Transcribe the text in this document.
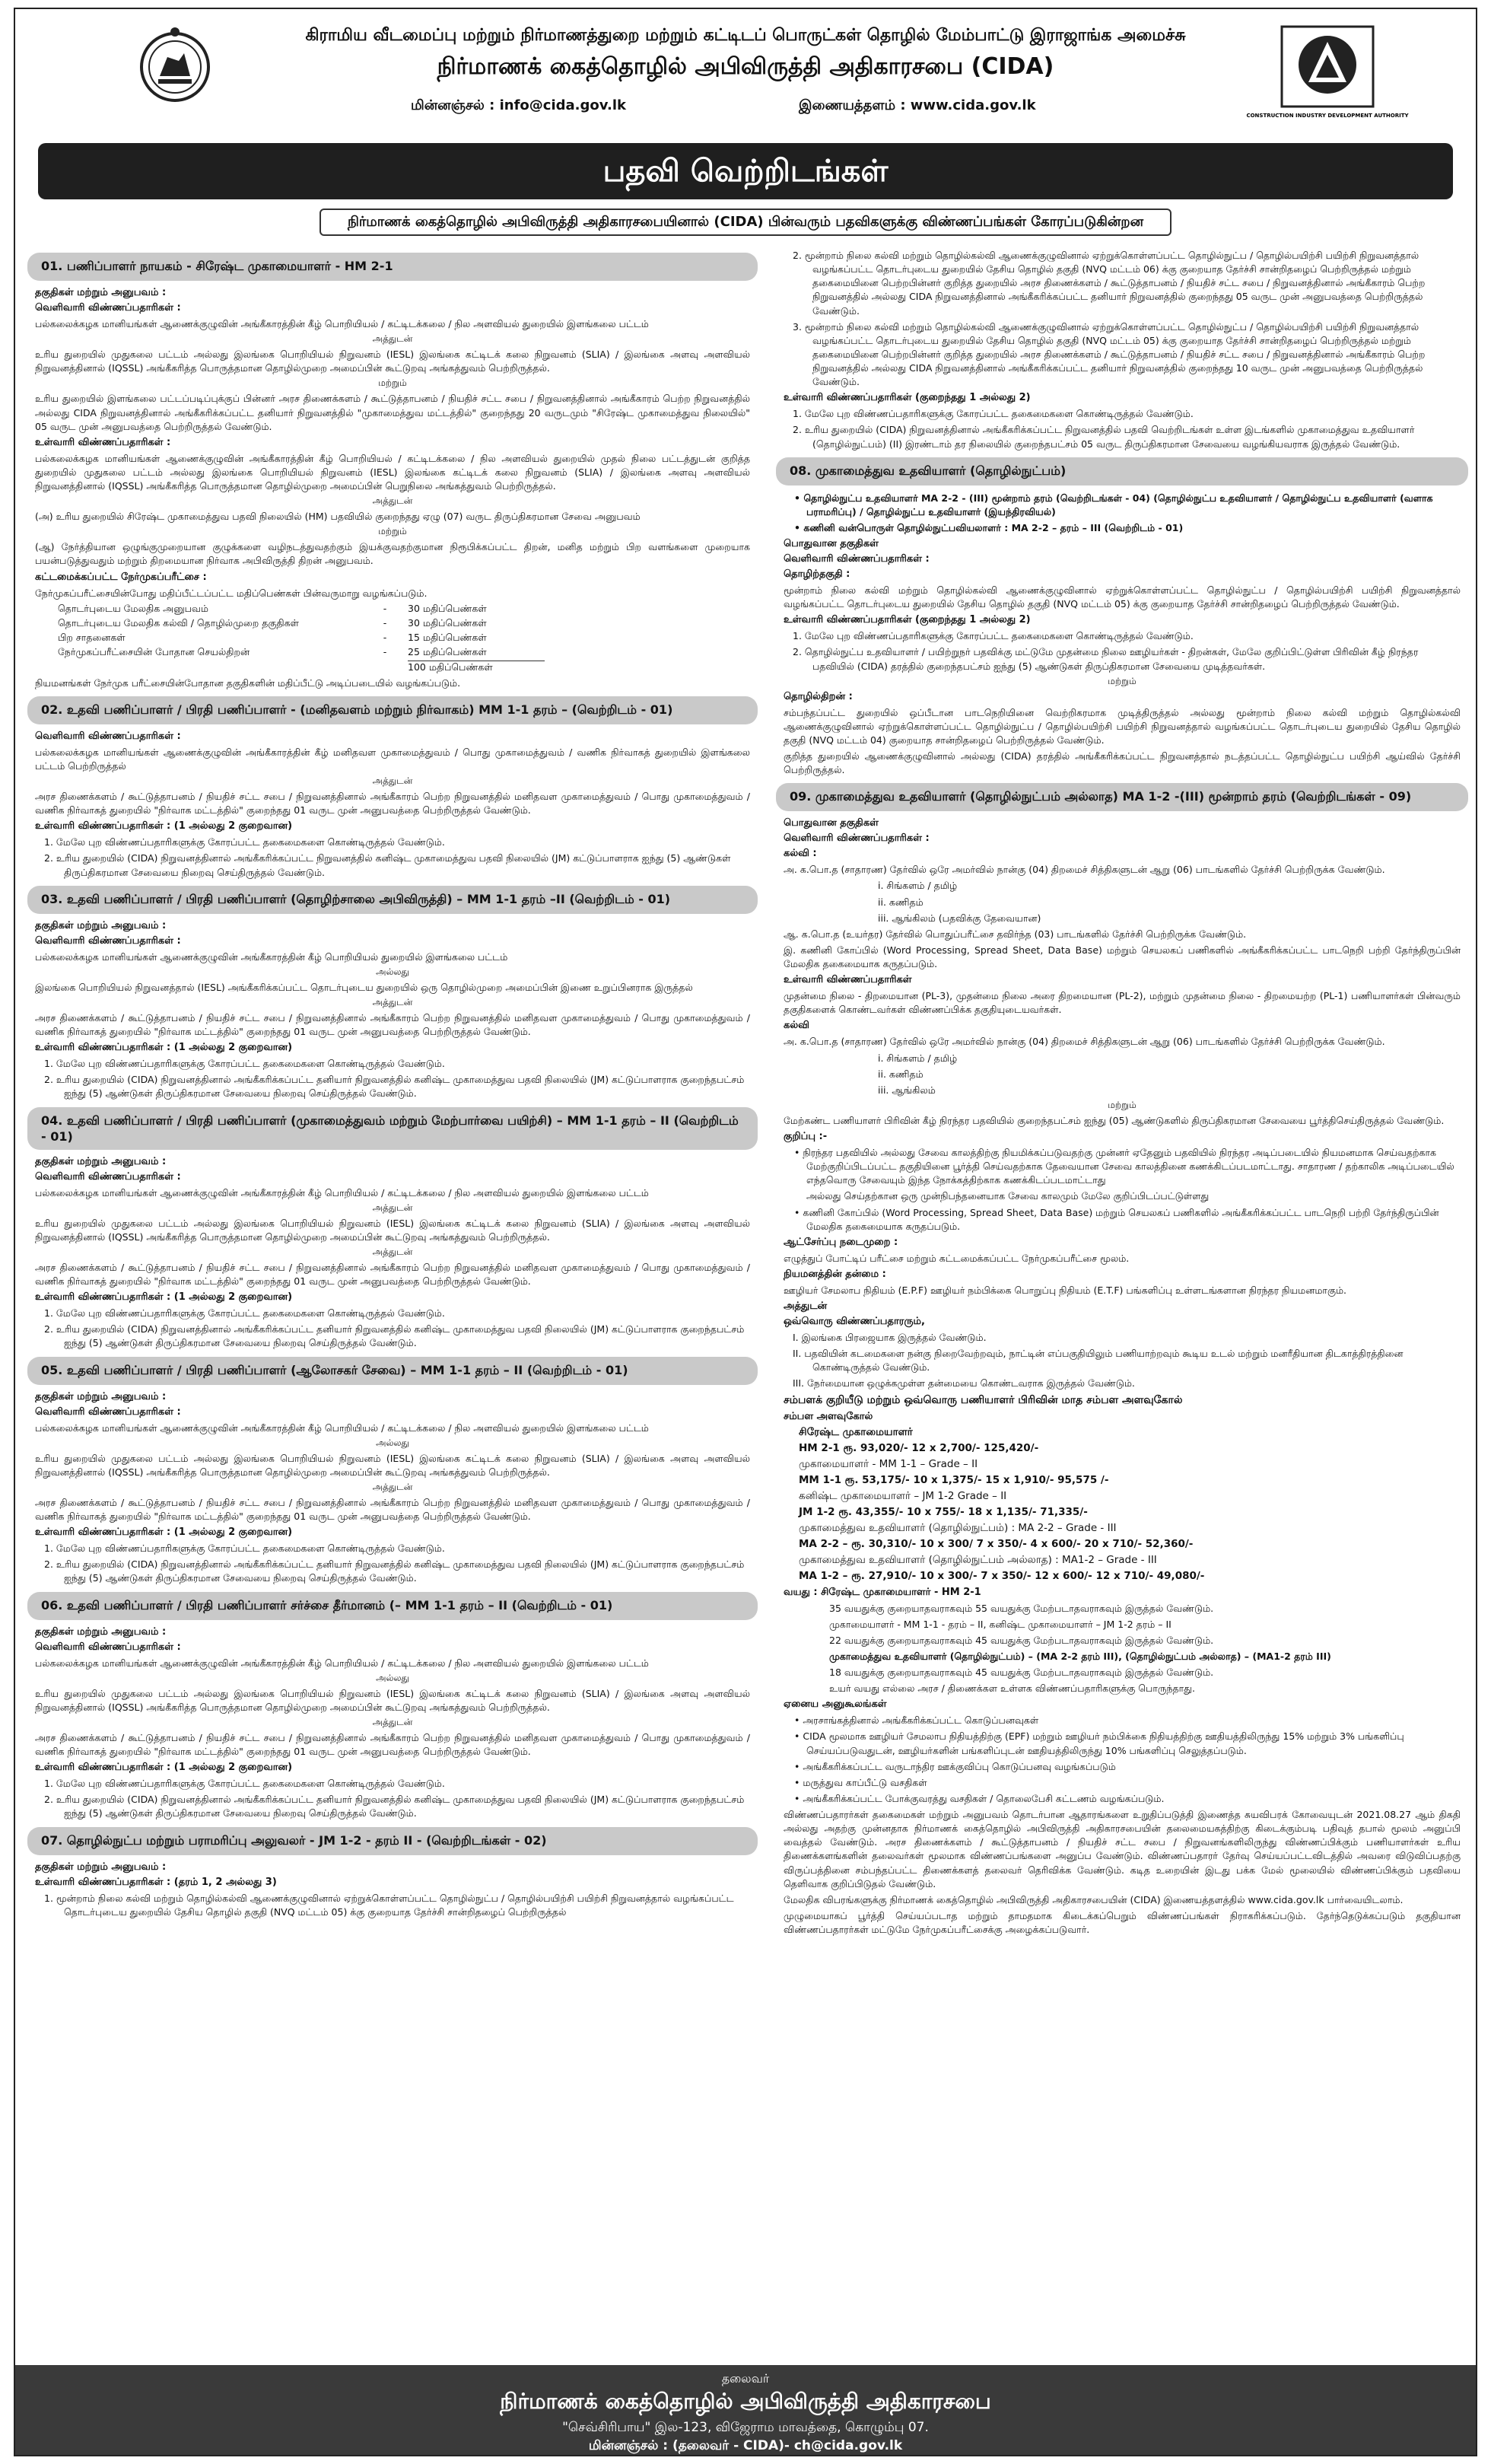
கிராமிய வீடமைப்பு மற்றும் நிர்மாணத்துறை மற்றும் கட்டிடப் பொருட்கள் தொழில் மேம்பாட்டு இராஜாங்க அமைச்சு
நிர்மாணக் கைத்தொழில் அபிவிருத்தி அதிகாரசபை (CIDA)
மின்னஞ்சல் : info@cida.gov.lk	இணையத்தளம் : www.cida.gov.lk
CONSTRUCTION INDUSTRY DEVELOPMENT AUTHORITY
பதவி வெற்றிடங்கள்
நிர்மாணக் கைத்தொழில் அபிவிருத்தி அதிகாரசபையினால் (CIDA) பின்வரும் பதவிகளுக்கு விண்ணப்பங்கள் கோரப்படுகின்றன
01. பணிப்பாளர் நாயகம் - சிரேஷ்ட முகாமையாளர் - HM 2-1
தகுதிகள் மற்றும் அனுபவம் :
வெளிவாரி விண்ணப்பதாரிகள் :
பல்கலைக்கழக மானியங்கள் ஆணைக்குழுவின் அங்கீகாரத்தின் கீழ் பொறியியல் / கட்டிடக்கலை / நில அளவியல் துறையில் இளங்கலை பட்டம்
அத்துடன்
உரிய துறையில் முதுகலை பட்டம் அல்லது இலங்கை பொறியியல் நிறுவனம் (IESL) இலங்கை கட்டிடக் கலை நிறுவனம் (SLIA) / இலங்கை அளவு அளவியல் நிறுவனத்தினால் (IQSSL) அங்கீகரித்த பொருத்தமான தொழில்முறை அமைப்பின் கூட்டுறவு அங்கத்துவம் பெற்றிருத்தல்.
மற்றும்
உரிய துறையில் இளங்கலை பட்டப்படிப்புக்குப் பின்னர் அரச திணைக்களம் / கூட்டுத்தாபனம் / நியதிச் சட்ட சபை / நிறுவனத்தினால் அங்கீகாரம் பெற்ற நிறுவனத்தில் அல்லது CIDA நிறுவனத்தினால் அங்கீகரிக்கப்பட்ட தனியார் நிறுவனத்தில் "முகாமைத்துவ மட்டத்தில்" குறைந்தது 20 வருடமும் "சிரேஷ்ட முகாமைத்துவ நிலையில்" 05 வருட முன் அனுபவத்தை பெற்றிருத்தல் வேண்டும்.
உள்வாரி விண்ணப்பதாரிகள் :
பல்கலைக்கழக மானியங்கள் ஆணைக்குழுவின் அங்கீகாரத்தின் கீழ் பொறியியல் / கட்டிடக்கலை / நில அளவியல் துறையில் முதல் நிலை பட்டத்துடன் குறித்த துறையில் முதுகலை பட்டம் அல்லது இலங்கை பொறியியல் நிறுவனம் (IESL) இலங்கை கட்டிடக் கலை நிறுவனம் (SLIA) / இலங்கை அளவு அளவியல் நிறுவனத்தினால் (IQSSL) அங்கீகரித்த பொருத்தமான தொழில்முறை அமைப்பின் பெறுநிலை அங்கத்துவம் பெற்றிருத்தல்.
அத்துடன்
(அ) உரிய துறையில் சிரேஷ்ட முகாமைத்துவ பதவி நிலையில் (HM) பதவியில் குறைந்தது ஏழு (07) வருட திருப்திகரமான சேவை அனுபவம்
மற்றும்
(ஆ) நேர்த்தியான ஒழுங்குமுறையான குழுக்களை வழிநடத்துவதற்கும் இயக்குவதற்குமான நிரூபிக்கப்பட்ட திறன், மனித மற்றும் பிற வளங்களை முறையாக பயன்படுத்துவதும் மற்றும் திறமையான நிர்வாக அபிவிருத்தி திறன் அனுபவம்.
கட்டமைக்கப்பட்ட நேர்முகப்பரீட்சை :
நேர்முகப்பரீட்சையின்போது மதிப்பீட்டப்பட்ட மதிப்பெண்கள் பின்வருமாறு வழங்கப்படும்.
தொடர்புடைய மேலதிக அனுபவம்	-	30 மதிப்பெண்கள்
தொடர்புடைய மேலதிக கல்வி / தொழில்முறை தகுதிகள்	-	30 மதிப்பெண்கள்
பிற சாதனைகள்	-	15 மதிப்பெண்கள்
நேர்முகப்பரீட்சையின் போதான செயல்திறன்	-	25 மதிப்பெண்கள்
100 மதிப்பெண்கள்
நியமனங்கள் நேர்முக பரீட்சையின்போதான தகுதிகளின் மதிப்பீட்டு அடிப்படையில் வழங்கப்படும்.
02. உதவி பணிப்பாளர் / பிரதி பணிப்பாளர் - (மனிதவளம் மற்றும் நிர்வாகம்) MM 1-1 தரம் – (வெற்றிடம் - 01)
வெளிவாரி விண்ணப்பதாரிகள் :
பல்கலைக்கழக மானியங்கள் ஆணைக்குழுவின் அங்கீகாரத்தின் கீழ் மனிதவள முகாமைத்துவம் / பொது முகாமைத்துவம் / வணிக நிர்வாகத் துறையில் இளங்கலை பட்டம் பெற்றிருத்தல்
அத்துடன்
அரச திணைக்களம் / கூட்டுத்தாபனம் / நியதிச் சட்ட சபை / நிறுவனத்தினால் அங்கீகாரம் பெற்ற நிறுவனத்தில் மனிதவள முகாமைத்துவம் / பொது முகாமைத்துவம் / வணிக நிர்வாகத் துறையில் "நிர்வாக மட்டத்தில்" குறைந்தது 01 வருட முன் அனுபவத்தை பெற்றிருத்தல் வேண்டும்.
உள்வாரி விண்ணப்பதாரிகள் : (1 அல்லது 2 குறைவான)
1. மேலே புற விண்ணப்பதாரிகளுக்கு கோரப்பட்ட தகைமைகளை கொண்டிருத்தல் வேண்டும்.
2. உரிய துறையில் (CIDA) நிறுவனத்தினால் அங்கீகரிக்கப்பட்ட நிறுவனத்தில் கனிஷ்ட முகாமைத்துவ பதவி நிலையில் (JM) கட்டுப்பாளராக ஐந்து (5) ஆண்டுகள் திருப்திகரமான சேவையை நிறைவு செய்திருத்தல் வேண்டும்.
03. உதவி பணிப்பாளர் / பிரதி பணிப்பாளர் (தொழிற்சாலை அபிவிருத்தி) – MM 1-1 தரம் –II (வெற்றிடம் - 01)
தகுதிகள் மற்றும் அனுபவம் :
வெளிவாரி விண்ணப்பதாரிகள் :
பல்கலைக்கழக மானியங்கள் ஆணைக்குழுவின் அங்கீகாரத்தின் கீழ் பொறியியல் துறையில் இளங்கலை பட்டம்
அல்லது
இலங்கை பொறியியல் நிறுவனத்தால் (IESL) அங்கீகரிக்கப்பட்ட தொடர்புடைய துறையில் ஒரு தொழில்முறை அமைப்பின் இணை உறுப்பினராக இருத்தல்
அத்துடன்
அரச திணைக்களம் / கூட்டுத்தாபனம் / நியதிச் சட்ட சபை / நிறுவனத்தினால் அங்கீகாரம் பெற்ற நிறுவனத்தில் மனிதவள முகாமைத்துவம் / பொது முகாமைத்துவம் / வணிக நிர்வாகத் துறையில் "நிர்வாக மட்டத்தில்" குறைந்தது 01 வருட முன் அனுபவத்தை பெற்றிருத்தல் வேண்டும்.
உள்வாரி விண்ணப்பதாரிகள் : (1 அல்லது 2 குறைவான)
1. மேலே புற விண்ணப்பதாரிகளுக்கு கோரப்பட்ட தகைமைகளை கொண்டிருத்தல் வேண்டும்.
2. உரிய துறையில் (CIDA) நிறுவனத்தினால் அங்கீகரிக்கப்பட்ட தனியார் நிறுவனத்தில் கனிஷ்ட முகாமைத்துவ பதவி நிலையில் (JM) கட்டுப்பாளராக குறைந்தபட்சம் ஐந்து (5) ஆண்டுகள் திருப்திகரமான சேவையை நிறைவு செய்திருத்தல் வேண்டும்.
04. உதவி பணிப்பாளர் / பிரதி பணிப்பாளர் (முகாமைத்துவம் மற்றும் மேற்பார்வை பயிற்சி) – MM 1-1 தரம் – II (வெற்றிடம் - 01)
தகுதிகள் மற்றும் அனுபவம் :
வெளிவாரி விண்ணப்பதாரிகள் :
பல்கலைக்கழக மானியங்கள் ஆணைக்குழுவின் அங்கீகாரத்தின் கீழ் பொறியியல் / கட்டிடக்கலை / நில அளவியல் துறையில் இளங்கலை பட்டம்
அத்துடன்
உரிய துறையில் முதுகலை பட்டம் அல்லது இலங்கை பொறியியல் நிறுவனம் (IESL) இலங்கை கட்டிடக் கலை நிறுவனம் (SLIA) / இலங்கை அளவு அளவியல் நிறுவனத்தினால் (IQSSL) அங்கீகரித்த பொருத்தமான தொழில்முறை அமைப்பின் கூட்டுறவு அங்கத்துவம் பெற்றிருத்தல்.
அத்துடன்
அரச திணைக்களம் / கூட்டுத்தாபனம் / நியதிச் சட்ட சபை / நிறுவனத்தினால் அங்கீகாரம் பெற்ற நிறுவனத்தில் மனிதவள முகாமைத்துவம் / பொது முகாமைத்துவம் / வணிக நிர்வாகத் துறையில் "நிர்வாக மட்டத்தில்" குறைந்தது 01 வருட முன் அனுபவத்தை பெற்றிருத்தல் வேண்டும்.
உள்வாரி விண்ணப்பதாரிகள் : (1 அல்லது 2 குறைவான)
1. மேலே புற விண்ணப்பதாரிகளுக்கு கோரப்பட்ட தகைமைகளை கொண்டிருத்தல் வேண்டும்.
2. உரிய துறையில் (CIDA) நிறுவனத்தினால் அங்கீகரிக்கப்பட்ட தனியார் நிறுவனத்தில் கனிஷ்ட முகாமைத்துவ பதவி நிலையில் (JM) கட்டுப்பாளராக குறைந்தபட்சம் ஐந்து (5) ஆண்டுகள் திருப்திகரமான சேவையை நிறைவு செய்திருத்தல் வேண்டும்.
05. உதவி பணிப்பாளர் / பிரதி பணிப்பாளர் (ஆலோசகர் சேவை) – MM 1-1 தரம் – II (வெற்றிடம் - 01)
தகுதிகள் மற்றும் அனுபவம் :
வெளிவாரி விண்ணப்பதாரிகள் :
பல்கலைக்கழக மானியங்கள் ஆணைக்குழுவின் அங்கீகாரத்தின் கீழ் பொறியியல் / கட்டிடக்கலை / நில அளவியல் துறையில் இளங்கலை பட்டம்
அல்லது
உரிய துறையில் முதுகலை பட்டம் அல்லது இலங்கை பொறியியல் நிறுவனம் (IESL) இலங்கை கட்டிடக் கலை நிறுவனம் (SLIA) / இலங்கை அளவு அளவியல் நிறுவனத்தினால் (IQSSL) அங்கீகரித்த பொருத்தமான தொழில்முறை அமைப்பின் கூட்டுறவு அங்கத்துவம் பெற்றிருத்தல்.
அத்துடன்
அரச திணைக்களம் / கூட்டுத்தாபனம் / நியதிச் சட்ட சபை / நிறுவனத்தினால் அங்கீகாரம் பெற்ற நிறுவனத்தில் மனிதவள முகாமைத்துவம் / பொது முகாமைத்துவம் / வணிக நிர்வாகத் துறையில் "நிர்வாக மட்டத்தில்" குறைந்தது 01 வருட முன் அனுபவத்தை பெற்றிருத்தல் வேண்டும்.
உள்வாரி விண்ணப்பதாரிகள் : (1 அல்லது 2 குறைவான)
1. மேலே புற விண்ணப்பதாரிகளுக்கு கோரப்பட்ட தகைமைகளை கொண்டிருத்தல் வேண்டும்.
2. உரிய துறையில் (CIDA) நிறுவனத்தினால் அங்கீகரிக்கப்பட்ட தனியார் நிறுவனத்தில் கனிஷ்ட முகாமைத்துவ பதவி நிலையில் (JM) கட்டுப்பாளராக குறைந்தபட்சம் ஐந்து (5) ஆண்டுகள் திருப்திகரமான சேவையை நிறைவு செய்திருத்தல் வேண்டும்.
06. உதவி பணிப்பாளர் / பிரதி பணிப்பாளர் சர்ச்சை தீர்மானம் (– MM 1-1 தரம் – II (வெற்றிடம் - 01)
தகுதிகள் மற்றும் அனுபவம் :
வெளிவாரி விண்ணப்பதாரிகள் :
பல்கலைக்கழக மானியங்கள் ஆணைக்குழுவின் அங்கீகாரத்தின் கீழ் பொறியியல் / கட்டிடக்கலை / நில அளவியல் துறையில் இளங்கலை பட்டம்
அல்லது
உரிய துறையில் முதுகலை பட்டம் அல்லது இலங்கை பொறியியல் நிறுவனம் (IESL) இலங்கை கட்டிடக் கலை நிறுவனம் (SLIA) / இலங்கை அளவு அளவியல் நிறுவனத்தினால் (IQSSL) அங்கீகரித்த பொருத்தமான தொழில்முறை அமைப்பின் கூட்டுறவு அங்கத்துவம் பெற்றிருத்தல்.
அத்துடன்
அரச திணைக்களம் / கூட்டுத்தாபனம் / நியதிச் சட்ட சபை / நிறுவனத்தினால் அங்கீகாரம் பெற்ற நிறுவனத்தில் மனிதவள முகாமைத்துவம் / பொது முகாமைத்துவம் / வணிக நிர்வாகத் துறையில் "நிர்வாக மட்டத்தில்" குறைந்தது 01 வருட முன் அனுபவத்தை பெற்றிருத்தல் வேண்டும்.
உள்வாரி விண்ணப்பதாரிகள் : (1 அல்லது 2 குறைவான)
1. மேலே புற விண்ணப்பதாரிகளுக்கு கோரப்பட்ட தகைமைகளை கொண்டிருத்தல் வேண்டும்.
2. உரிய துறையில் (CIDA) நிறுவனத்தினால் அங்கீகரிக்கப்பட்ட தனியார் நிறுவனத்தில் கனிஷ்ட முகாமைத்துவ பதவி நிலையில் (JM) கட்டுப்பாளராக குறைந்தபட்சம் ஐந்து (5) ஆண்டுகள் திருப்திகரமான சேவையை நிறைவு செய்திருத்தல் வேண்டும்.
07. தொழில்நுட்ப மற்றும் பராமரிப்பு அலுவலர் - JM 1-2 - தரம் II - (வெற்றிடங்கள் - 02)
தகுதிகள் மற்றும் அனுபவம் :
உள்வாரி விண்ணப்பதாரிகள் : (தரம் 1, 2 அல்லது 3)
1. மூன்றாம் நிலை கல்வி மற்றும் தொழில்கல்வி ஆணைக்குழுவினால் ஏற்றுக்கொள்ளப்பட்ட தொழில்நுட்ப / தொழில்பயிற்சி பயிற்சி நிறுவனத்தால் வழங்கப்பட்ட தொடர்புடைய துறையில் தேசிய தொழில் தகுதி (NVQ மட்டம் 05) க்கு குறையாத தேர்ச்சி சான்றிதழைப் பெற்றிருத்தல்
2. மூன்றாம் நிலை கல்வி மற்றும் தொழில்கல்வி ஆணைக்குழுவினால் ஏற்றுக்கொள்ளப்பட்ட தொழில்நுட்ப / தொழில்பயிற்சி பயிற்சி நிறுவனத்தால் வழங்கப்பட்ட தொடர்புடைய துறையில் தேசிய தொழில் தகுதி (NVQ மட்டம் 06) க்கு குறையாத தேர்ச்சி சான்றிதழைப் பெற்றிருத்தல் மற்றும் தகைமையினை பெற்றபின்னர் குறித்த துறையில் அரச திணைக்களம் / கூட்டுத்தாபனம் / நியதிச் சட்ட சபை / நிறுவனத்தினால் அங்கீகாரம் பெற்ற நிறுவனத்தில் அல்லது CIDA நிறுவனத்தினால் அங்கீகரிக்கப்பட்ட தனியார் நிறுவனத்தில் குறைந்தது 05 வருட முன் அனுபவத்தை பெற்றிருத்தல் வேண்டும்.
3. மூன்றாம் நிலை கல்வி மற்றும் தொழில்கல்வி ஆணைக்குழுவினால் ஏற்றுக்கொள்ளப்பட்ட தொழில்நுட்ப / தொழில்பயிற்சி பயிற்சி நிறுவனத்தால் வழங்கப்பட்ட தொடர்புடைய துறையில் தேசிய தொழில் தகுதி (NVQ மட்டம் 05) க்கு குறையாத தேர்ச்சி சான்றிதழைப் பெற்றிருத்தல் மற்றும் தகைமையினை பெற்றபின்னர் குறித்த துறையில் அரச திணைக்களம் / கூட்டுத்தாபனம் / நியதிச் சட்ட சபை / நிறுவனத்தினால் அங்கீகாரம் பெற்ற நிறுவனத்தில் அல்லது CIDA நிறுவனத்தினால் அங்கீகரிக்கப்பட்ட தனியார் நிறுவனத்தில் குறைந்தது 10 வருட முன் அனுபவத்தை பெற்றிருத்தல் வேண்டும்.
உள்வாரி விண்ணப்பதாரிகள் (குறைந்தது 1 அல்லது 2)
1. மேலே புற விண்ணப்பதாரிகளுக்கு கோரப்பட்ட தகைமைகளை கொண்டிருத்தல் வேண்டும்.
2. உரிய துறையில் (CIDA) நிறுவனத்தினால் அங்கீகரிக்கப்பட்ட நிறுவனத்தில் பதவி வெற்றிடங்கள் உள்ள இடங்களில் முகாமைத்துவ உதவியாளர் (தொழில்நுட்பம்) (II) இரண்டாம் தர நிலையில் குறைந்தபட்சம் 05 வருட திருப்திகரமான சேவையை வழங்கியவராக இருத்தல் வேண்டும்.
08. முகாமைத்துவ உதவியாளர் (தொழில்நுட்பம்)
• தொழில்நுட்ப உதவியாளர் MA 2-2 - (III) மூன்றாம் தரம் (வெற்றிடங்கள் - 04) (தொழில்நுட்ப உதவியாளர் / தொழில்நுட்ப உதவியாளர் (வளாக பராமரிப்பு) / தொழில்நுட்ப உதவியாளர் (இயந்திரவியல்)
• கணினி வன்பொருள் தொழில்நுட்பவியலாளர் : MA 2-2 – தரம் – III (வெற்றிடம் - 01)
பொதுவான தகுதிகள்
வெளிவாரி விண்ணப்பதாரிகள் :
தொழிற்தகுதி :
மூன்றாம் நிலை கல்வி மற்றும் தொழில்கல்வி ஆணைக்குழுவினால் ஏற்றுக்கொள்ளப்பட்ட தொழில்நுட்ப / தொழில்பயிற்சி பயிற்சி நிறுவனத்தால் வழங்கப்பட்ட தொடர்புடைய துறையில் தேசிய தொழில் தகுதி (NVQ மட்டம் 05) க்கு குறையாத தேர்ச்சி சான்றிதழைப் பெற்றிருத்தல் வேண்டும்.
உள்வாரி விண்ணப்பதாரிகள் (குறைந்தது 1 அல்லது 2)
1. மேலே புற விண்ணப்பதாரிகளுக்கு கோரப்பட்ட தகைமைகளை கொண்டிருத்தல் வேண்டும்.
2. தொழில்நுட்ப உதவியாளர் / பயிற்றுநர் பதவிக்கு மட்டுமே முதன்மை நிலை ஊழியர்கள் - திறன்கள், மேலே குறிப்பிட்டுள்ள பிரிவின் கீழ் நிரந்தர பதவியில் (CIDA) தரத்தில் குறைந்தபட்சம் ஐந்து (5) ஆண்டுகள் திருப்திகரமான சேவையை முடித்தவர்கள்.
மற்றும்
தொழில்திறன் :
சம்பந்தப்பட்ட துறையில் ஒப்பீடான பாடநெறியினை வெற்றிகரமாக முடித்திருத்தல் அல்லது மூன்றாம் நிலை கல்வி மற்றும் தொழில்கல்வி ஆணைக்குழுவினால் ஏற்றுக்கொள்ளப்பட்ட தொழில்நுட்ப / தொழில்பயிற்சி பயிற்சி நிறுவனத்தால் வழங்கப்பட்ட தொடர்புடைய துறையில் தேசிய தொழில் தகுதி (NVQ மட்டம் 04) குறையாத சான்றிதழைப் பெற்றிருத்தல் வேண்டும்.
குறித்த துறையில் ஆணைக்குழுவினால் அல்லது (CIDA) தரத்தில் அங்கீகரிக்கப்பட்ட நிறுவனத்தால் நடத்தப்பட்ட தொழில்நுட்ப பயிற்சி ஆய்வில் தேர்ச்சி பெற்றிருத்தல்.
09. முகாமைத்துவ உதவியாளர் (தொழில்நுட்பம் அல்லாத) MA 1-2 -(III) மூன்றாம் தரம் (வெற்றிடங்கள் - 09)
பொதுவான தகுதிகள்
வெளிவாரி விண்ணப்பதாரிகள் :
கல்வி :
அ. க.பொ.த (சாதாரண) தேர்வில் ஒரே அமர்வில் நான்கு (04) திறமைச் சித்திகளுடன் ஆறு (06) பாடங்களில் தேர்ச்சி பெற்றிருக்க வேண்டும்.
i. சிங்களம் / தமிழ்
ii. கணிதம்
iii. ஆங்கிலம் (பதவிக்கு தேவையான)
ஆ. க.பொ.த (உயர்தர) தேர்வில் பொதுப்பரீட்சை தவிர்ந்த (03) பாடங்களில் தேர்ச்சி பெற்றிருக்க வேண்டும்.
இ. கணினி கோப்பில் (Word Processing, Spread Sheet, Data Base) மற்றும் செயலகப் பணிகளில் அங்கீகரிக்கப்பட்ட பாடநெறி பற்றி தேர்ந்திருப்பின் மேலதிக தகைமையாக கருதப்படும்.
உள்வாரி விண்ணப்பதாரிகள்
முதன்மை நிலை - திறமையான (PL-3), முதன்மை நிலை அரை திறமையான (PL-2), மற்றும் முதன்மை நிலை - திறமையற்ற (PL-1) பணியாளர்கள் பின்வரும் தகுதிகளைக் கொண்டவர்கள் விண்ணப்பிக்க தகுதியுடையவர்கள்.
கல்வி
அ. க.பொ.த (சாதாரண) தேர்வில் ஒரே அமர்வில் நான்கு (04) திறமைச் சித்திகளுடன் ஆறு (06) பாடங்களில் தேர்ச்சி பெற்றிருக்க வேண்டும்.
i. சிங்களம் / தமிழ்
ii. கணிதம்
iii. ஆங்கிலம்
மற்றும்
மேற்கண்ட பணியாளர் பிரிவின் கீழ் நிரந்தர பதவியில் குறைந்தபட்சம் ஐந்து (05) ஆண்டுகளில் திருப்திகரமான சேவையை பூர்த்திசெய்திருத்தல் வேண்டும்.
குறிப்பு :-
• நிரந்தர பதவியில் அல்லது சேவை காலத்திற்கு நியமிக்கப்படுவதற்கு முன்னர் ஏதேனும் பதவியில் நிரந்தர அடிப்படையில் நியமனமாக செய்வதற்காக மேற்குறிப்பிடப்பட்ட தகுதியினை பூர்த்தி செய்வதற்காக தேவையான சேவை காலத்தினை கணக்கிடப்படமாட்டாது. சாதாரண / தற்காலிக அடிப்படையில் எந்தவொரு சேவையும் இந்த நோக்கத்திற்காக கணக்கிடப்படமாட்டாது
அல்லது செய்தற்கான ஒரு முன்நிபந்தனையாக சேவை காலமும் மேலே குறிப்பிடப்பட்டுள்ளது
• கணினி கோப்பில் (Word Processing, Spread Sheet, Data Base) மற்றும் செயலகப் பணிகளில் அங்கீகரிக்கப்பட்ட பாடநெறி பற்றி தேர்ந்திருப்பின் மேலதிக தகைமையாக கருதப்படும்.
ஆட்சேர்ப்பு நடைமுறை :
எழுத்துப் போட்டிப் பரீட்சை மற்றும் கட்டமைக்கப்பட்ட நேர்முகப்பரீட்சை மூலம்.
நியமனத்தின் தன்மை :
ஊழியர் சேமலாப நிதியம் (E.P.F) ஊழியர் நம்பிக்கை பொறுப்பு நிதியம் (E.T.F) பங்களிப்பு உள்ளடங்களான நிரந்தர நியமனமாகும்.
அத்துடன்
ஒவ்வொரு விண்ணப்பதாரரும்,
I. இலங்கை பிரஜையாக இருத்தல் வேண்டும்.
II. பதவியின் கடமைகளை நன்கு நிறைவேற்றவும், நாட்டின் எப்பகுதியிலும் பணியாற்றவும் கூடிய உடல் மற்றும் மனரீதியான திடகாத்திரத்தினை கொண்டிருத்தல் வேண்டும்.
III. நேர்மையான ஒழுக்கமுள்ள தன்மையை கொண்டவராக இருத்தல் வேண்டும்.
சம்பளக் குறியீடு மற்றும் ஒவ்வொரு பணியாளர் பிரிவின் மாத சம்பள அளவுகோல்
சம்பள அளவுகோல்
சிரேஷ்ட முகாமையாளர்
HM 2-1 ரூ. 93,020/- 12 x 2,700/- 125,420/-
முகாமையாளர் - MM 1-1 – Grade – II
MM 1-1 ரூ. 53,175/- 10 x 1,375/- 15 x 1,910/- 95,575 /-
கனிஷ்ட முகாமையாளர் – JM 1-2 Grade – II
JM 1-2 ரூ. 43,355/- 10 x 755/- 18 x 1,135/- 71,335/-
முகாமைத்துவ உதவியாளர் (தொழில்நுட்பம்) : MA 2-2 – Grade - III
MA 2-2 – ரூ. 30,310/- 10 x 300/ 7 x 350/- 4 x 600/- 20 x 710/- 52,360/-
முகாமைத்துவ உதவியாளர் (தொழில்நுட்பம் அல்லாத) : MA1-2 – Grade - III
MA 1-2 – ரூ. 27,910/- 10 x 300/- 7 x 350/- 12 x 600/- 12 x 710/- 49,080/-
வயது : சிரேஷ்ட முகாமையாளர் - HM 2-1
35 வயதுக்கு குறையாதவராகவும் 55 வயதுக்கு மேற்படாதவராகவும் இருத்தல் வேண்டும்.
முகாமையாளர் - MM 1-1 - தரம் – II, கனிஷ்ட முகாமையாளர் – JM 1-2 தரம் – II
22 வயதுக்கு குறையாதவராகவும் 45 வயதுக்கு மேற்படாதவராகவும் இருத்தல் வேண்டும்.
முகாமைத்துவ உதவியாளர் (தொழில்நுட்பம்) – (MA 2-2 தரம் III), (தொழில்நுட்பம் அல்லாத) – (MA1-2 தரம் III)
18 வயதுக்கு குறையாதவராகவும் 45 வயதுக்கு மேற்படாதவராகவும் இருத்தல் வேண்டும்.
உயர் வயது எல்லை அரச / திணைக்கள உள்ளக விண்ணப்பதாரிகளுக்கு பொருந்தாது.
ஏனைய அனுகூலங்கள்
• அரசாங்கத்தினால் அங்கீகரிக்கப்பட்ட கொடுப்பனவுகள்
• CIDA மூலமாக ஊழியர் சேமலாப நிதியத்திற்கு (EPF) மற்றும் ஊழியர் நம்பிக்கை நிதியத்திற்கு ஊதியத்திலிருந்து 15% மற்றும் 3% பங்களிப்பு செய்யப்படுவதுடன், ஊழியர்களின் பங்களிப்புடன் ஊதியத்திலிருந்து 10% பங்களிப்பு செலுத்தப்படும்.
• அங்கீகரிக்கப்பட்ட வருடாந்திர ஊக்குவிப்பு கொடுப்பனவு வழங்கப்படும்
• மருத்துவ காப்பீட்டு வசதிகள்
• அங்கீகரிக்கப்பட்ட போக்குவரத்து வசதிகள் / தொலைபேசி கட்டணம் வழங்கப்படும்.
விண்ணப்பதாரர்கள் தகைமைகள் மற்றும் அனுபவம் தொடர்பான ஆதாரங்களை உறுதிப்படுத்தி இணைத்த சுயவிபரக் கோவையுடன் 2021.08.27 ஆம் திகதி அல்லது அதற்கு முன்னதாக நிர்மாணக் கைத்தொழில் அபிவிருத்தி அதிகாரசபையின் தலைமையகத்திற்கு கிடைக்கும்படி பதிவுத் தபால் மூலம் அனுப்பி வைத்தல் வேண்டும். அரச திணைக்களம் / கூட்டுத்தாபனம் / நியதிச் சட்ட சபை / நிறுவனங்களிலிருந்து விண்ணப்பிக்கும் பணியாளர்கள் உரிய திணைக்களங்களின் தலைவர்கள் மூலமாக விண்ணப்பங்களை அனுப்ப வேண்டும். விண்ணப்பதாரர் தேர்வு செய்யப்பட்டவிடத்தில் அவரை விடுவிப்பதற்கு விருப்பத்தினை சம்பந்தப்பட்ட திணைக்களத் தலைவர் தெரிவிக்க வேண்டும். கடித உறையின் இடது பக்க மேல் மூலையில் விண்ணப்பிக்கும் பதவியை தெளிவாக குறிப்பிடுதல் வேண்டும்.
மேலதிக விபரங்களுக்கு நிர்மாணக் கைத்தொழில் அபிவிருத்தி அதிகாரசபையின் (CIDA) இணையத்தளத்தில் www.cida.gov.lk பார்வையிடலாம்.
முழுமையாகப் பூர்த்தி செய்யப்படாத மற்றும் தாமதமாக கிடைக்கப்பெறும் விண்ணப்பங்கள் நிராகரிக்கப்படும். தேர்ந்தெடுக்கப்படும் தகுதியான விண்ணப்பதாரர்கள் மட்டுமே நேர்முகப்பரீட்சைக்கு அழைக்கப்படுவார்.
தலைவர்
நிர்மாணக் கைத்தொழில் அபிவிருத்தி அதிகாரசபை
"செவ்சிரிபாய" இல-123, விஜேராம மாவத்தை, கொழும்பு 07.
மின்னஞ்சல் : (தலைவர் - CIDA)- ch@cida.gov.lk
